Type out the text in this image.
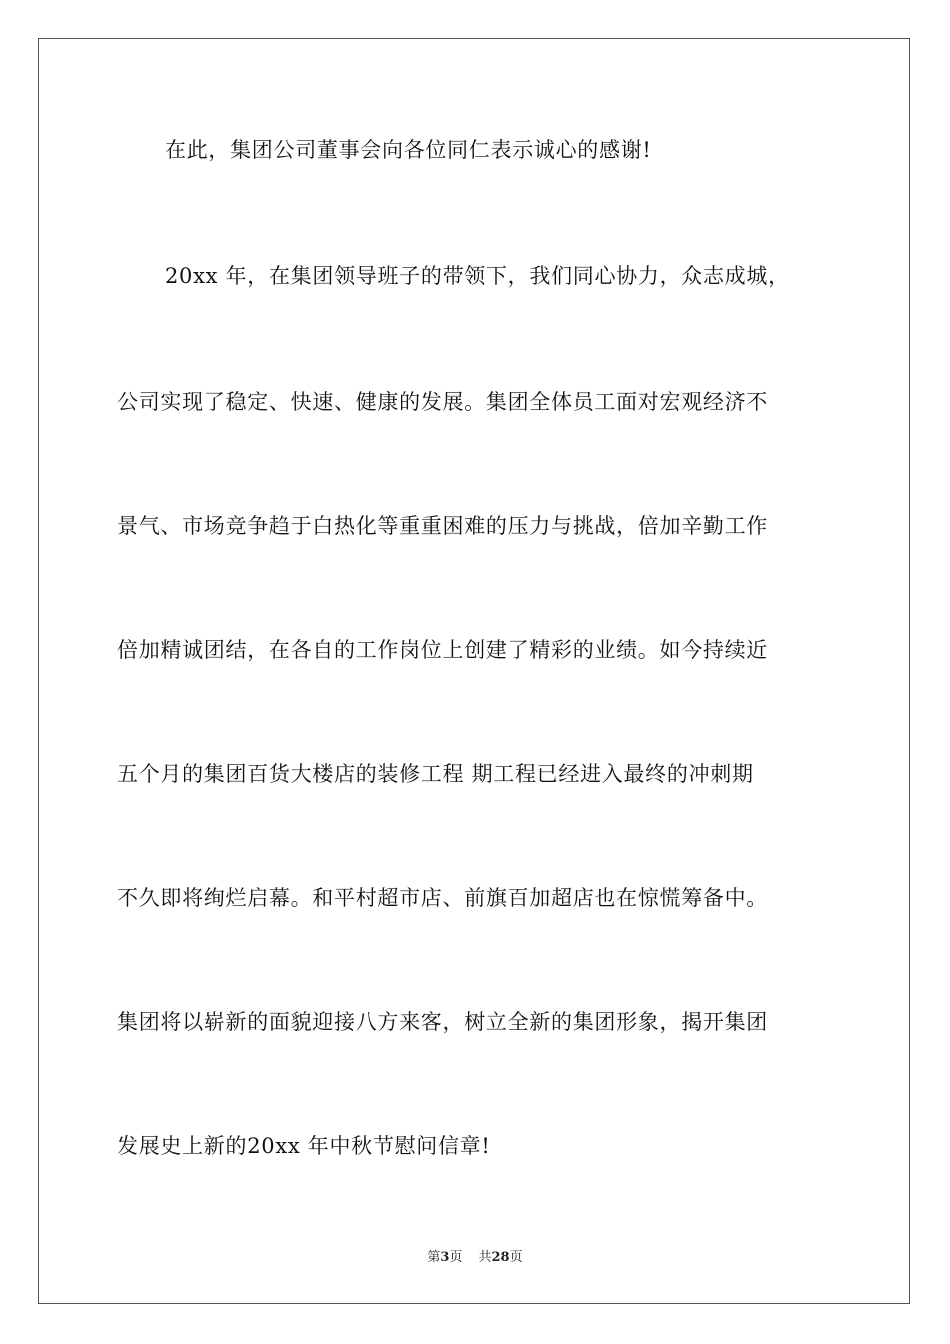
在此，集团公司董事会向各位同仁表示诚心的感谢!
20xx 年，在集团领导班子的带领下，我们同心协力，众志成城，
公司实现了稳定、快速、健康的发展。集团全体员工面对宏观经济不
景气、市场竞争趋于白热化等重重困难的压力与挑战，倍加辛勤工作
倍加精诚团结，在各自的工作岗位上创建了精彩的业绩。如今持续近
五个月的集团百货大楼店的装修工程 期工程已经进入最终的冲刺期
不久即将绚烂启幕。和平村超市店、前旗百加超店也在惊慌筹备中。
集团将以崭新的面貌迎接八方来客，树立全新的集团形象，揭开集团
发展史上新的20xx 年中秋节慰问信章!
第3页 共28页
